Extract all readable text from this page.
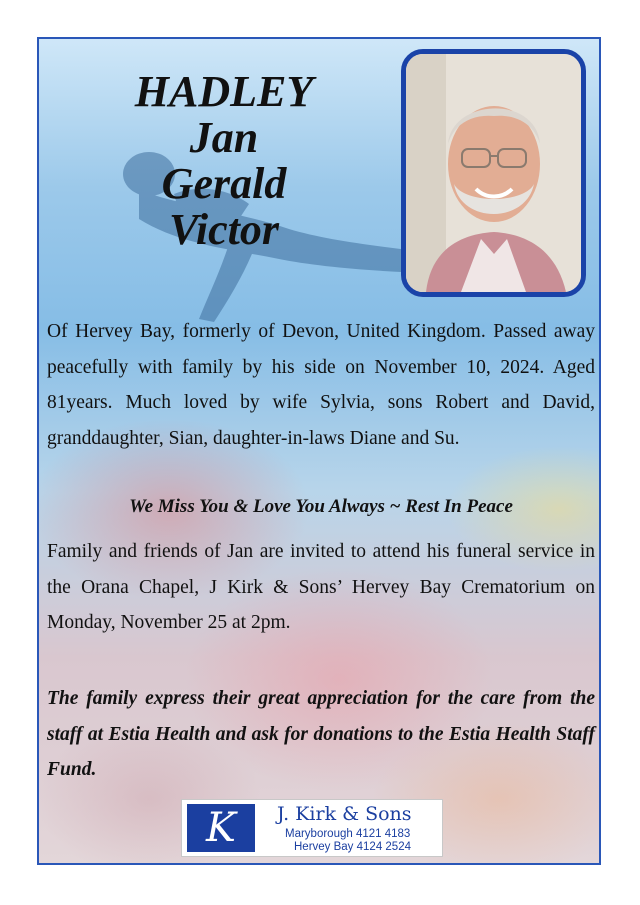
HADLEY
Jan
Gerald
Victor
Of Hervey Bay, formerly of Devon, United Kingdom. Passed away peacefully with family by his side on November 10, 2024. Aged 81years. Much loved by wife Sylvia, sons Robert and David, granddaughter, Sian, daughter-in-laws Diane and Su.
We Miss You & Love You Always ~ Rest In Peace
Family and friends of Jan are invited to attend his funeral service in the Orana Chapel, J Kirk & Sons’ Hervey Bay Crematorium on Monday, November 25 at 2pm.
The family express their great appreciation for the care from the staff at Estia Health and ask for donations to the Estia Health Staff Fund.
K	J. Kirk & Sons
Maryborough 4121 4183
Hervey Bay 4124 2524
